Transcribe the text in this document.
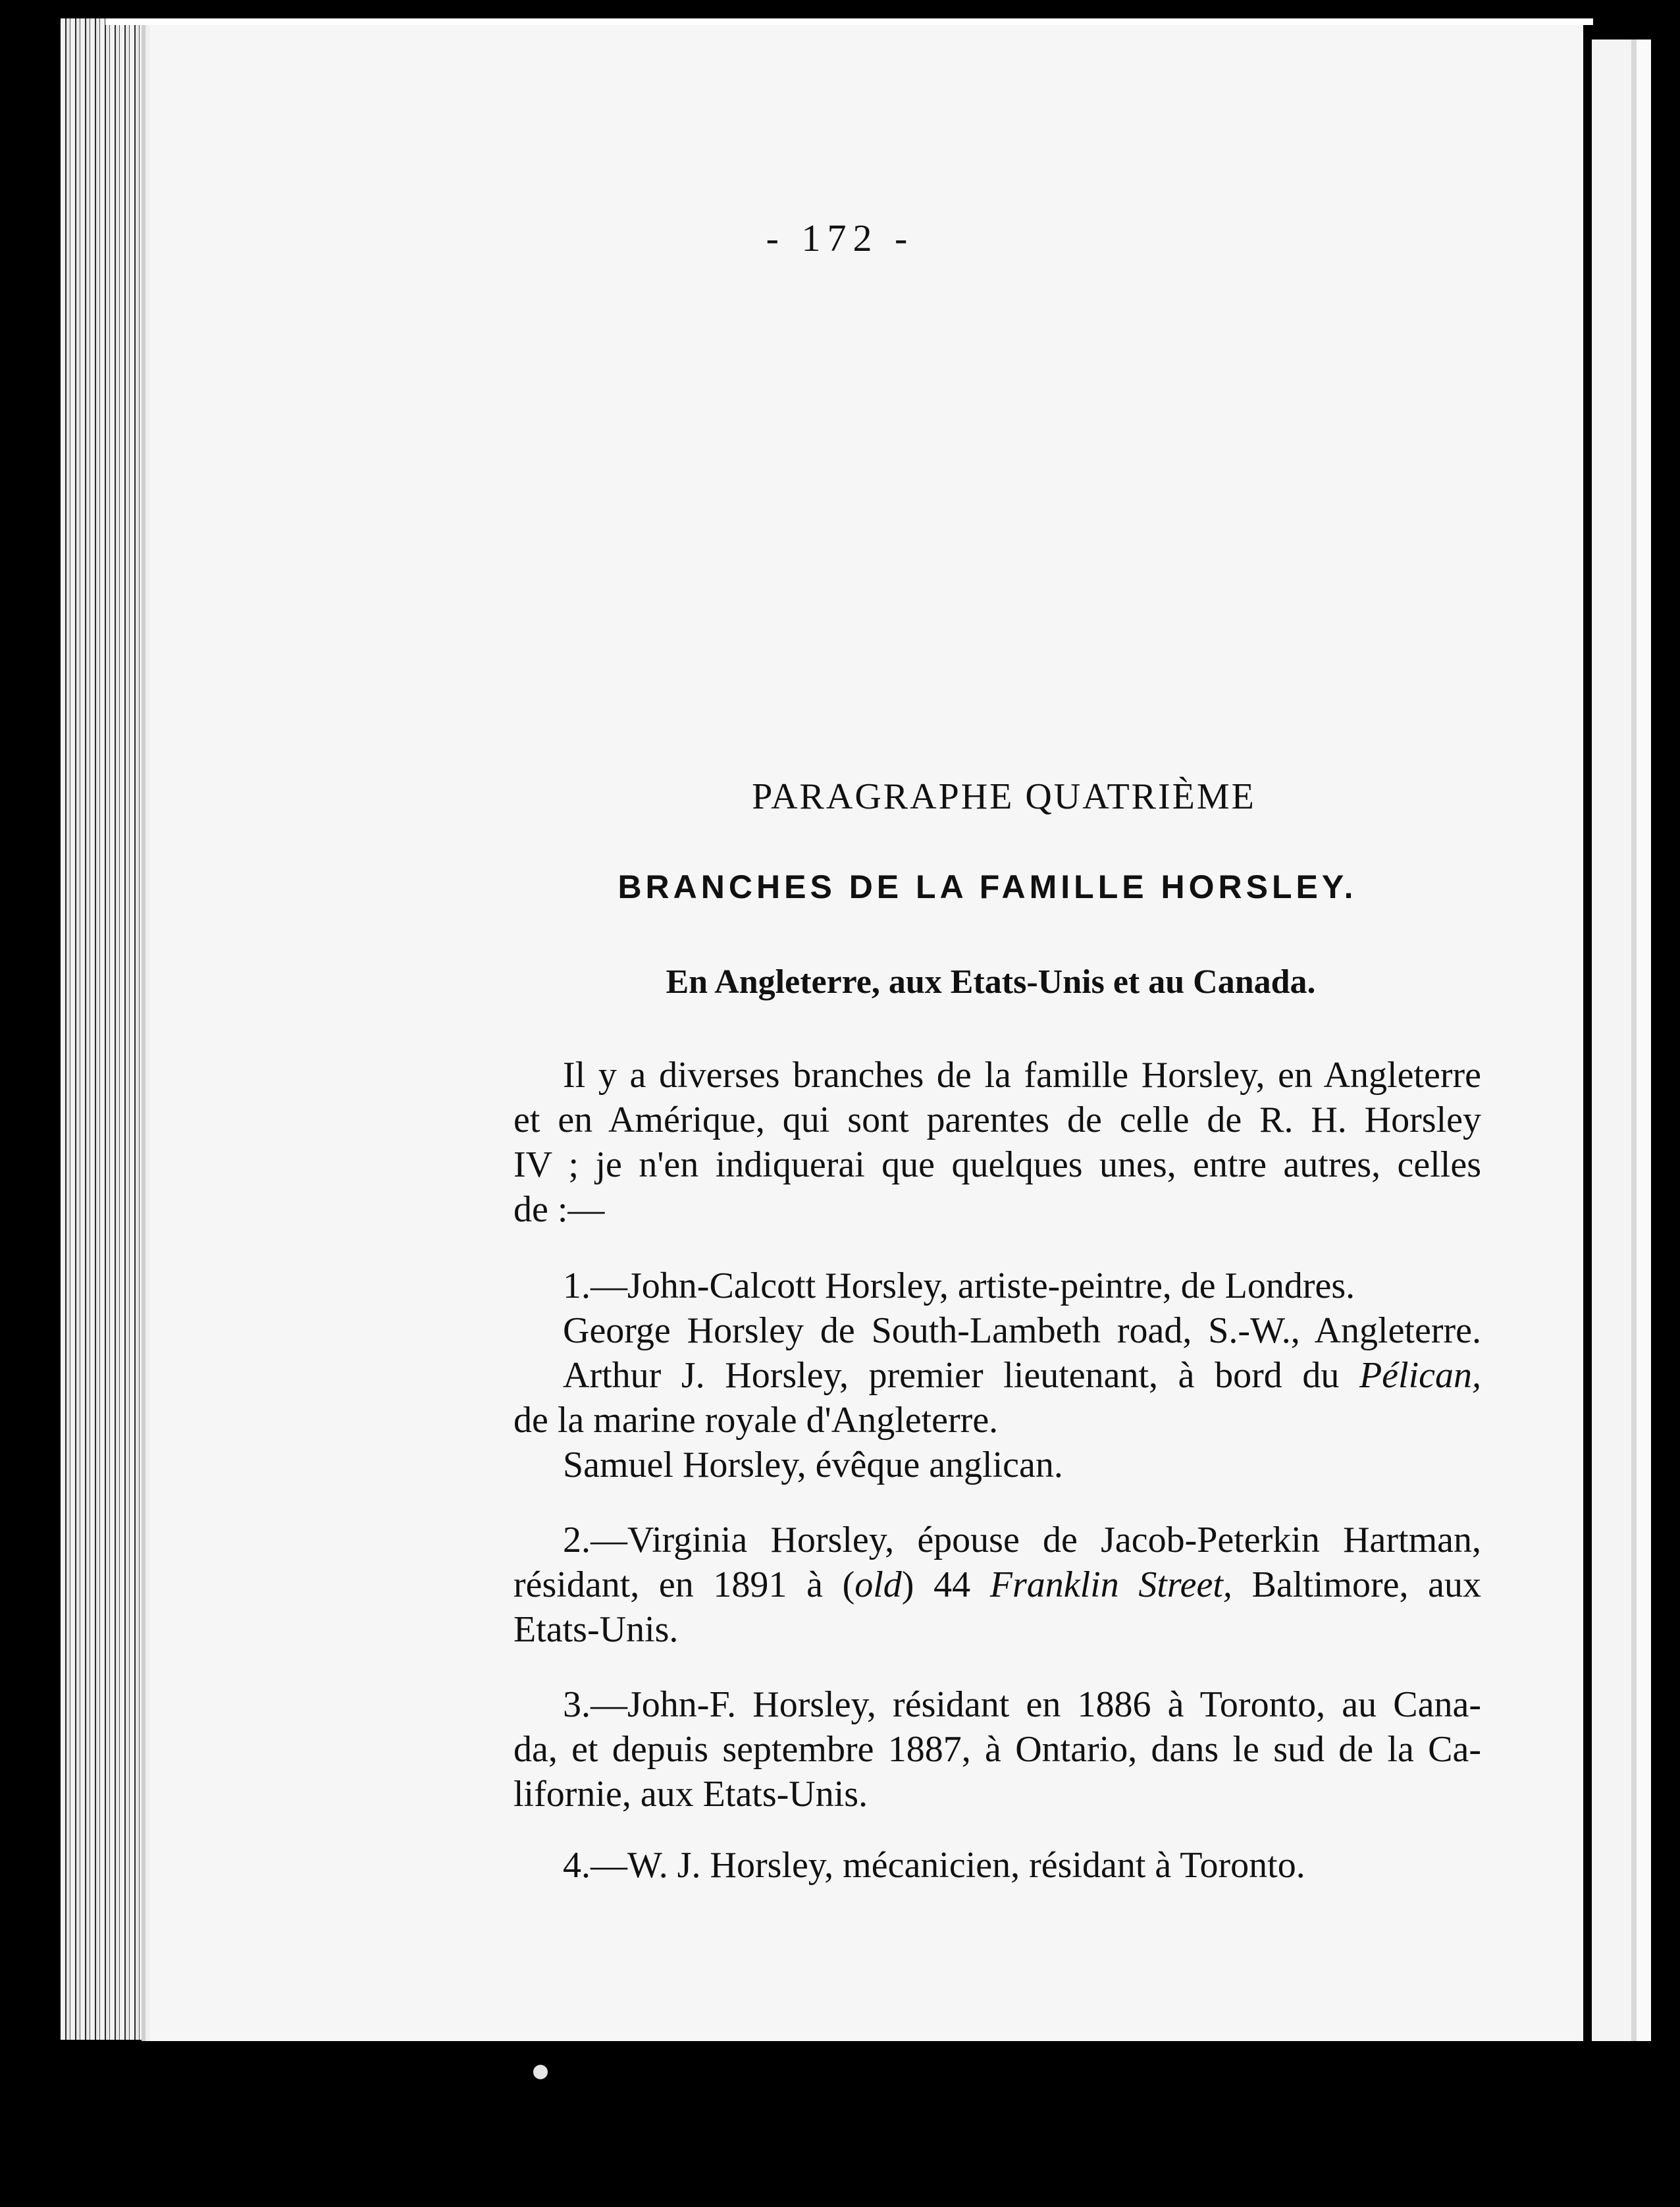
- 172 -
PARAGRAPHE QUATRIÈME
BRANCHES DE LA FAMILLE HORSLEY.
En Angleterre, aux Etats-Unis et au Canada.
Il y a diverses branches de la famille Horsley, en Angleterre
et en Amérique, qui sont parentes de celle de R. H. Horsley
IV ; je n'en indiquerai que quelques unes, entre autres, celles
de :—
1.—John-Calcott Horsley, artiste-peintre, de Londres.
George Horsley de South-Lambeth road, S.-W., Angleterre.
Arthur J. Horsley, premier lieutenant, à bord du Pélican,
de la marine royale d'Angleterre.
Samuel Horsley, évêque anglican.
2.—Virginia Horsley, épouse de Jacob-Peterkin Hartman,
résidant, en 1891 à (old) 44 Franklin Street, Baltimore, aux
Etats-Unis.
3.—John-F. Horsley, résidant en 1886 à Toronto, au Cana-
da, et depuis septembre 1887, à Ontario, dans le sud de la Ca-
lifornie, aux Etats-Unis.
4.—W. J. Horsley, mécanicien, résidant à Toronto.
